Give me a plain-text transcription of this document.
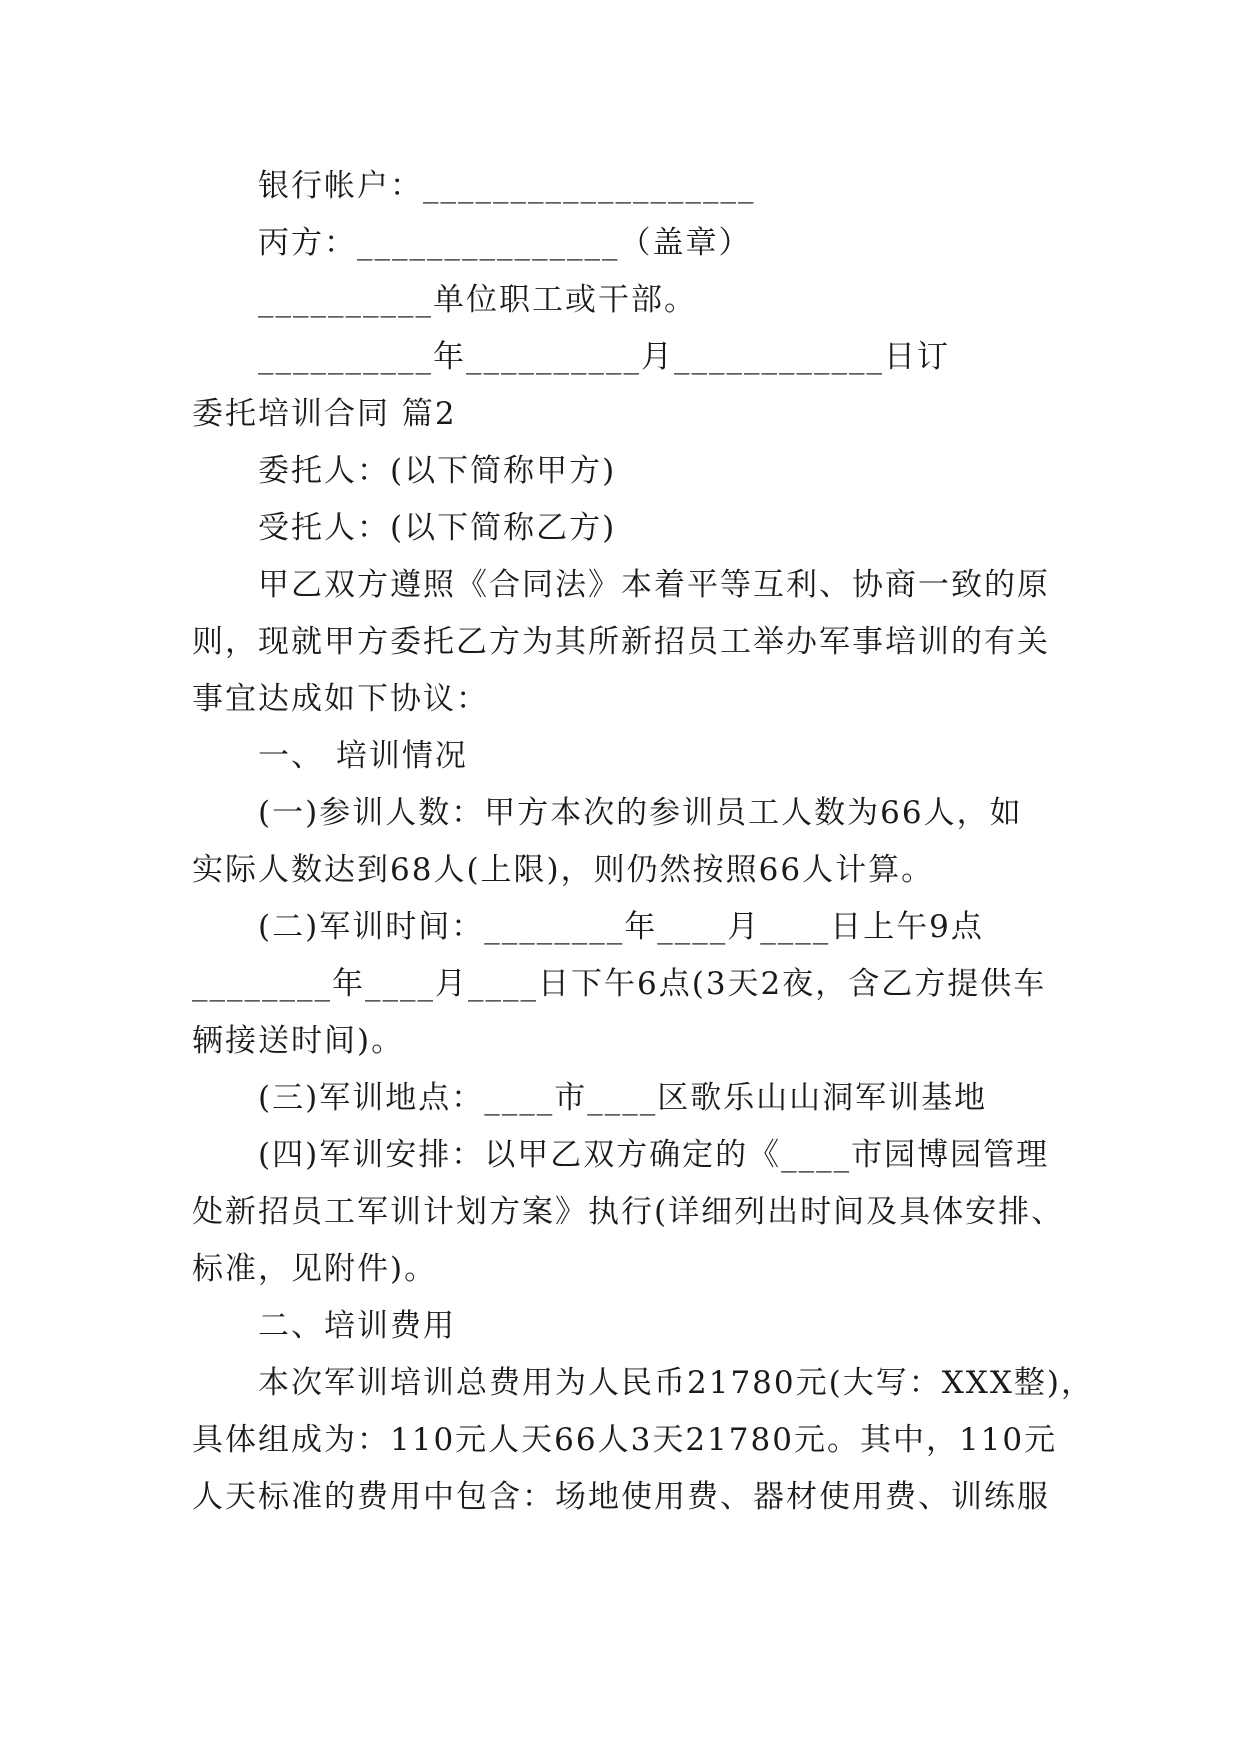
银行帐户：___________________
丙方：_______________（盖章）
__________单位职工或干部。
__________年__________月____________日订
委托培训合同 篇2
委托人：(以下简称甲方)
受托人：(以下简称乙方)
甲乙双方遵照《合同法》本着平等互利、协商一致的原
则，现就甲方委托乙方为其所新招员工举办军事培训的有关
事宜达成如下协议：
一、 培训情况
(一)参训人数：甲方本次的参训员工人数为66人，如
实际人数达到68人(上限)，则仍然按照66人计算。
(二)军训时间：________年____月____日上午9点
________年____月____日下午6点(3天2夜，含乙方提供车
辆接送时间)。
(三)军训地点：____市____区歌乐山山洞军训基地
(四)军训安排：以甲乙双方确定的《____市园博园管理
处新招员工军训计划方案》执行(详细列出时间及具体安排、
标准，见附件)。
二、培训费用
本次军训培训总费用为人民币21780元(大写：XXX整)，
具体组成为：110元人天66人3天21780元。其中，110元
人天标准的费用中包含：场地使用费、器材使用费、训练服
